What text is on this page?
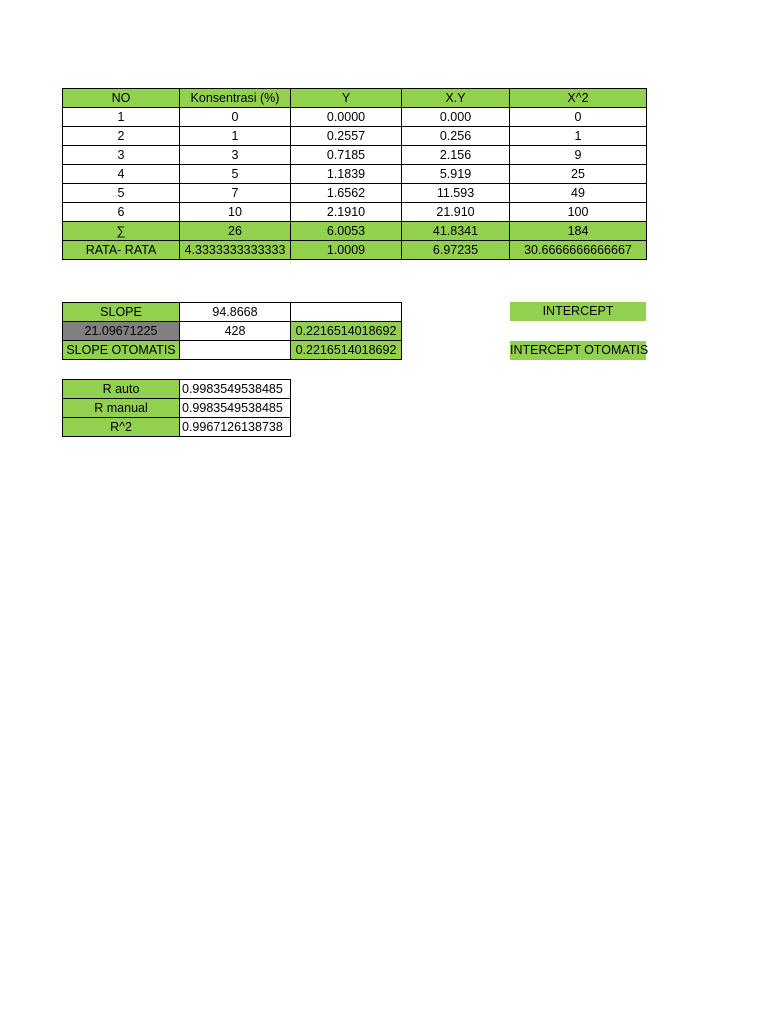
NO	Konsentrasi (%)	Y	X.Y	X^2
1	0	0.0000	0.000	0
2	1	0.2557	0.256	1
3	3	0.7185	2.156	9
4	5	1.1839	5.919	25
5	7	1.6562	11.593	49
6	10	2.1910	21.910	100
∑	26	6.0053	41.8341	184
RATA- RATA	4.3333333333333	1.0009	6.97235	30.6666666666667
SLOPE	94.8668	
21.09671225	428	0.2216514018692
SLOPE OTOMATIS		0.2216514018692
INTERCEPT
INTERCEPT OTOMATIS
R auto	0.9983549538485
R manual	0.9983549538485
R^2	0.9967126138738
